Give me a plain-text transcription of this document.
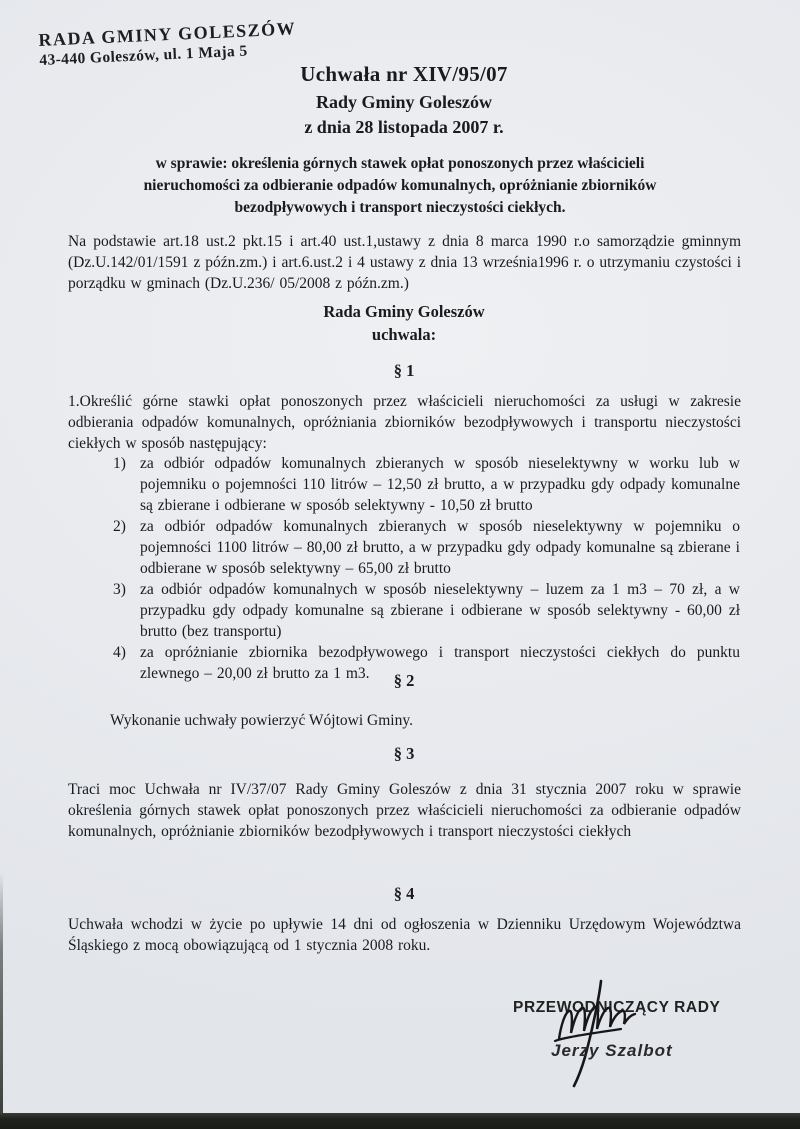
RADA GMINY GOLESZÓW
43-440 Goleszów, ul. 1 Maja 5
Uchwała nr XIV/95/07
Rady Gminy Goleszów
z dnia 28 listopada 2007 r.
w sprawie: określenia górnych stawek opłat ponoszonych przez właścicieli
nieruchomości za odbieranie odpadów komunalnych, opróżnianie zbiorników
bezodpływowych i transport nieczystości ciekłych.
Na podstawie art.18 ust.2 pkt.15 i art.40 ust.1,ustawy z dnia 8 marca 1990 r.o samorządzie gminnym (Dz.U.142/01/1591 z późn.zm.) i art.6.ust.2 i 4 ustawy z dnia 13 września1996 r. o utrzymaniu czystości i porządku w gminach (Dz.U.236/ 05/2008 z późn.zm.)
Rada Gminy Goleszów
uchwala:
§ 1
1.Określić górne stawki opłat ponoszonych przez właścicieli nieruchomości za usługi w zakresie odbierania odpadów komunalnych, opróżniania zbiorników bezodpływowych i transportu nieczystości ciekłych w sposób następujący:
1) za odbiór odpadów komunalnych zbieranych w sposób nieselektywny w worku lub w pojemniku o pojemności 110 litrów – 12,50 zł brutto, a w przypadku gdy odpady komunalne są zbierane i odbierane w sposób selektywny - 10,50 zł brutto
2) za odbiór odpadów komunalnych zbieranych w sposób nieselektywny w pojemniku o pojemności 1100 litrów – 80,00 zł brutto, a w przypadku gdy odpady komunalne są zbierane i odbierane w sposób selektywny – 65,00 zł brutto
3) za odbiór odpadów komunalnych w sposób nieselektywny – luzem za 1 m3 – 70 zł, a w przypadku gdy odpady komunalne są zbierane i odbierane w sposób selektywny - 60,00 zł brutto (bez transportu)
4) za opróżnianie zbiornika bezodpływowego i transport nieczystości ciekłych do punktu zlewnego – 20,00 zł brutto za 1 m3.	§ 2
Wykonanie uchwały powierzyć Wójtowi Gminy.
§ 3
Traci moc Uchwała nr IV/37/07 Rady Gminy Goleszów z dnia 31 stycznia 2007 roku w sprawie określenia górnych stawek opłat ponoszonych przez właścicieli nieruchomości za odbieranie odpadów komunalnych, opróżnianie zbiorników bezodpływowych i transport nieczystości ciekłych
§ 4
Uchwała wchodzi w życie po upływie 14 dni od ogłoszenia w Dzienniku Urzędowym Województwa Śląskiego z mocą obowiązującą od 1 stycznia 2008 roku.
PRZEWODNICZĄCY RADY
Jerzy Szalbot
